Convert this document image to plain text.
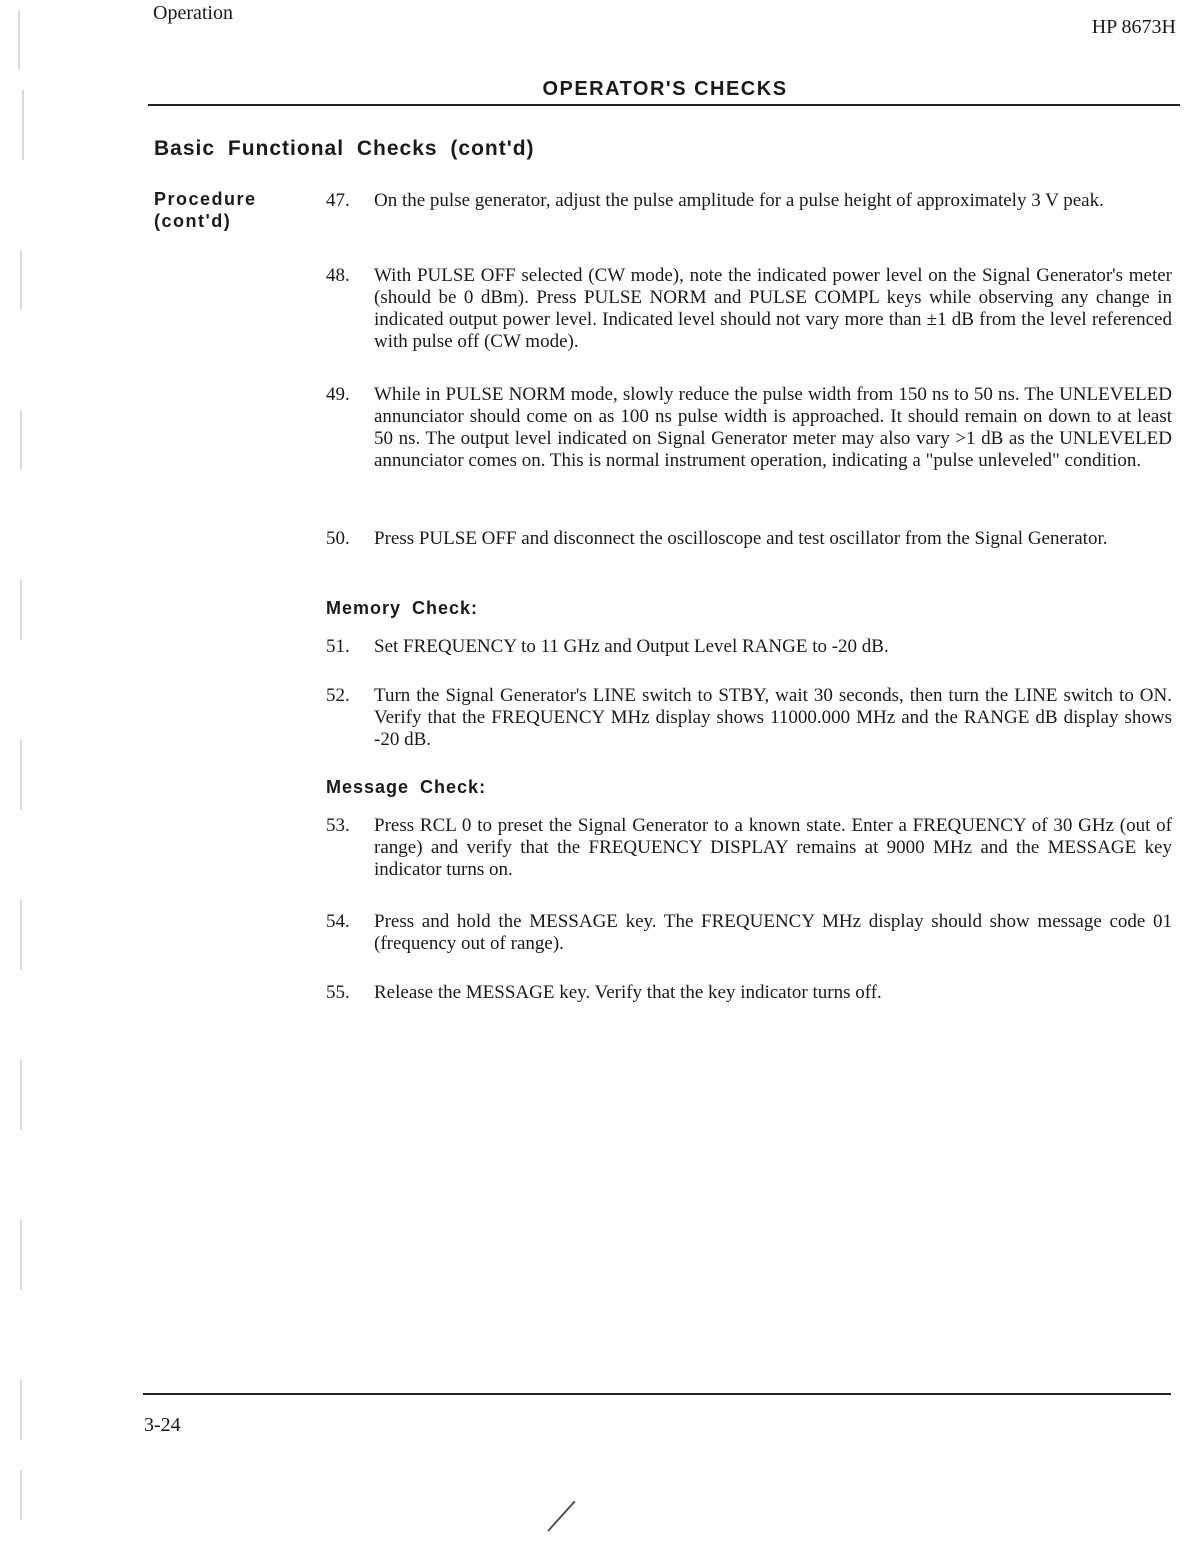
Operation
HP 8673H
OPERATOR'S CHECKS
Basic Functional Checks (cont'd)
Procedure
(cont'd)
47.	On the pulse generator, adjust the pulse amplitude for a pulse height of approximately 3 V peak.
48.	With PULSE OFF selected (CW mode), note the indicated power level on the Signal Generator's meter (should be 0 dBm). Press PULSE NORM and PULSE COMPL keys while observing any change in indicated output power level. Indicated level should not vary more than ±1 dB from the level referenced with pulse off (CW mode).
49.	While in PULSE NORM mode, slowly reduce the pulse width from 150 ns to 50 ns. The UNLEVELED annunciator should come on as 100 ns pulse width is approached. It should remain on down to at least 50 ns. The output level indicated on Signal Generator meter may also vary >1 dB as the UNLEVELED annunciator comes on. This is normal instrument operation, indicating a "pulse unleveled" condition.
50.	Press PULSE OFF and disconnect the oscilloscope and test oscillator from the Signal Generator.
Memory Check:
51.	Set FREQUENCY to 11 GHz and Output Level RANGE to -20 dB.
52.	Turn the Signal Generator's LINE switch to STBY, wait 30 seconds, then turn the LINE switch to ON. Verify that the FREQUENCY MHz display shows 11000.000 MHz and the RANGE dB display shows -20 dB.
Message Check:
53.	Press RCL 0 to preset the Signal Generator to a known state. Enter a FREQUENCY of 30 GHz (out of range) and verify that the FREQUENCY DISPLAY remains at 9000 MHz and the MESSAGE key indicator turns on.
54.	Press and hold the MESSAGE key. The FREQUENCY MHz display should show message code 01 (frequency out of range).
55.	Release the MESSAGE key. Verify that the key indicator turns off.
3-24
